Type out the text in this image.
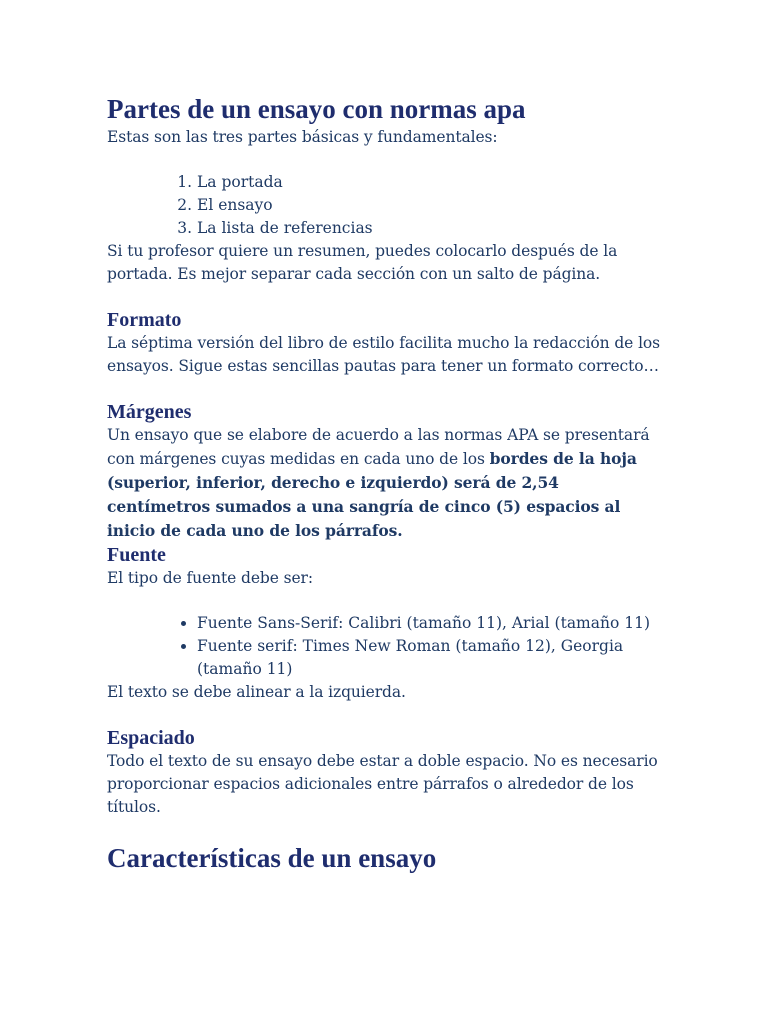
Partes de un ensayo con normas apa

Estas son las tres partes básicas y fundamentales:

1. La portada
2. El ensayo
3. La lista de referencias

Si tu profesor quiere un resumen, puedes colocarlo después de la portada. Es mejor separar cada sección con un salto de página.

Formato

La séptima versión del libro de estilo facilita mucho la redacción de los ensayos. Sigue estas sencillas pautas para tener un formato correcto…

Márgenes

Un ensayo que se elabore de acuerdo a las normas APA se presentará con márgenes cuyas medidas en cada uno de los bordes de la hoja (superior, inferior, derecho e izquierdo) será de 2,54 centímetros sumados a una sangría de cinco (5) espacios al inicio de cada uno de los párrafos.

Fuente

El tipo de fuente debe ser:

• Fuente Sans-Serif: Calibri (tamaño 11), Arial (tamaño 11)
• Fuente serif: Times New Roman (tamaño 12), Georgia (tamaño 11)

El texto se debe alinear a la izquierda.

Espaciado

Todo el texto de su ensayo debe estar a doble espacio. No es necesario proporcionar espacios adicionales entre párrafos o alrededor de los títulos.

Características de un ensayo
